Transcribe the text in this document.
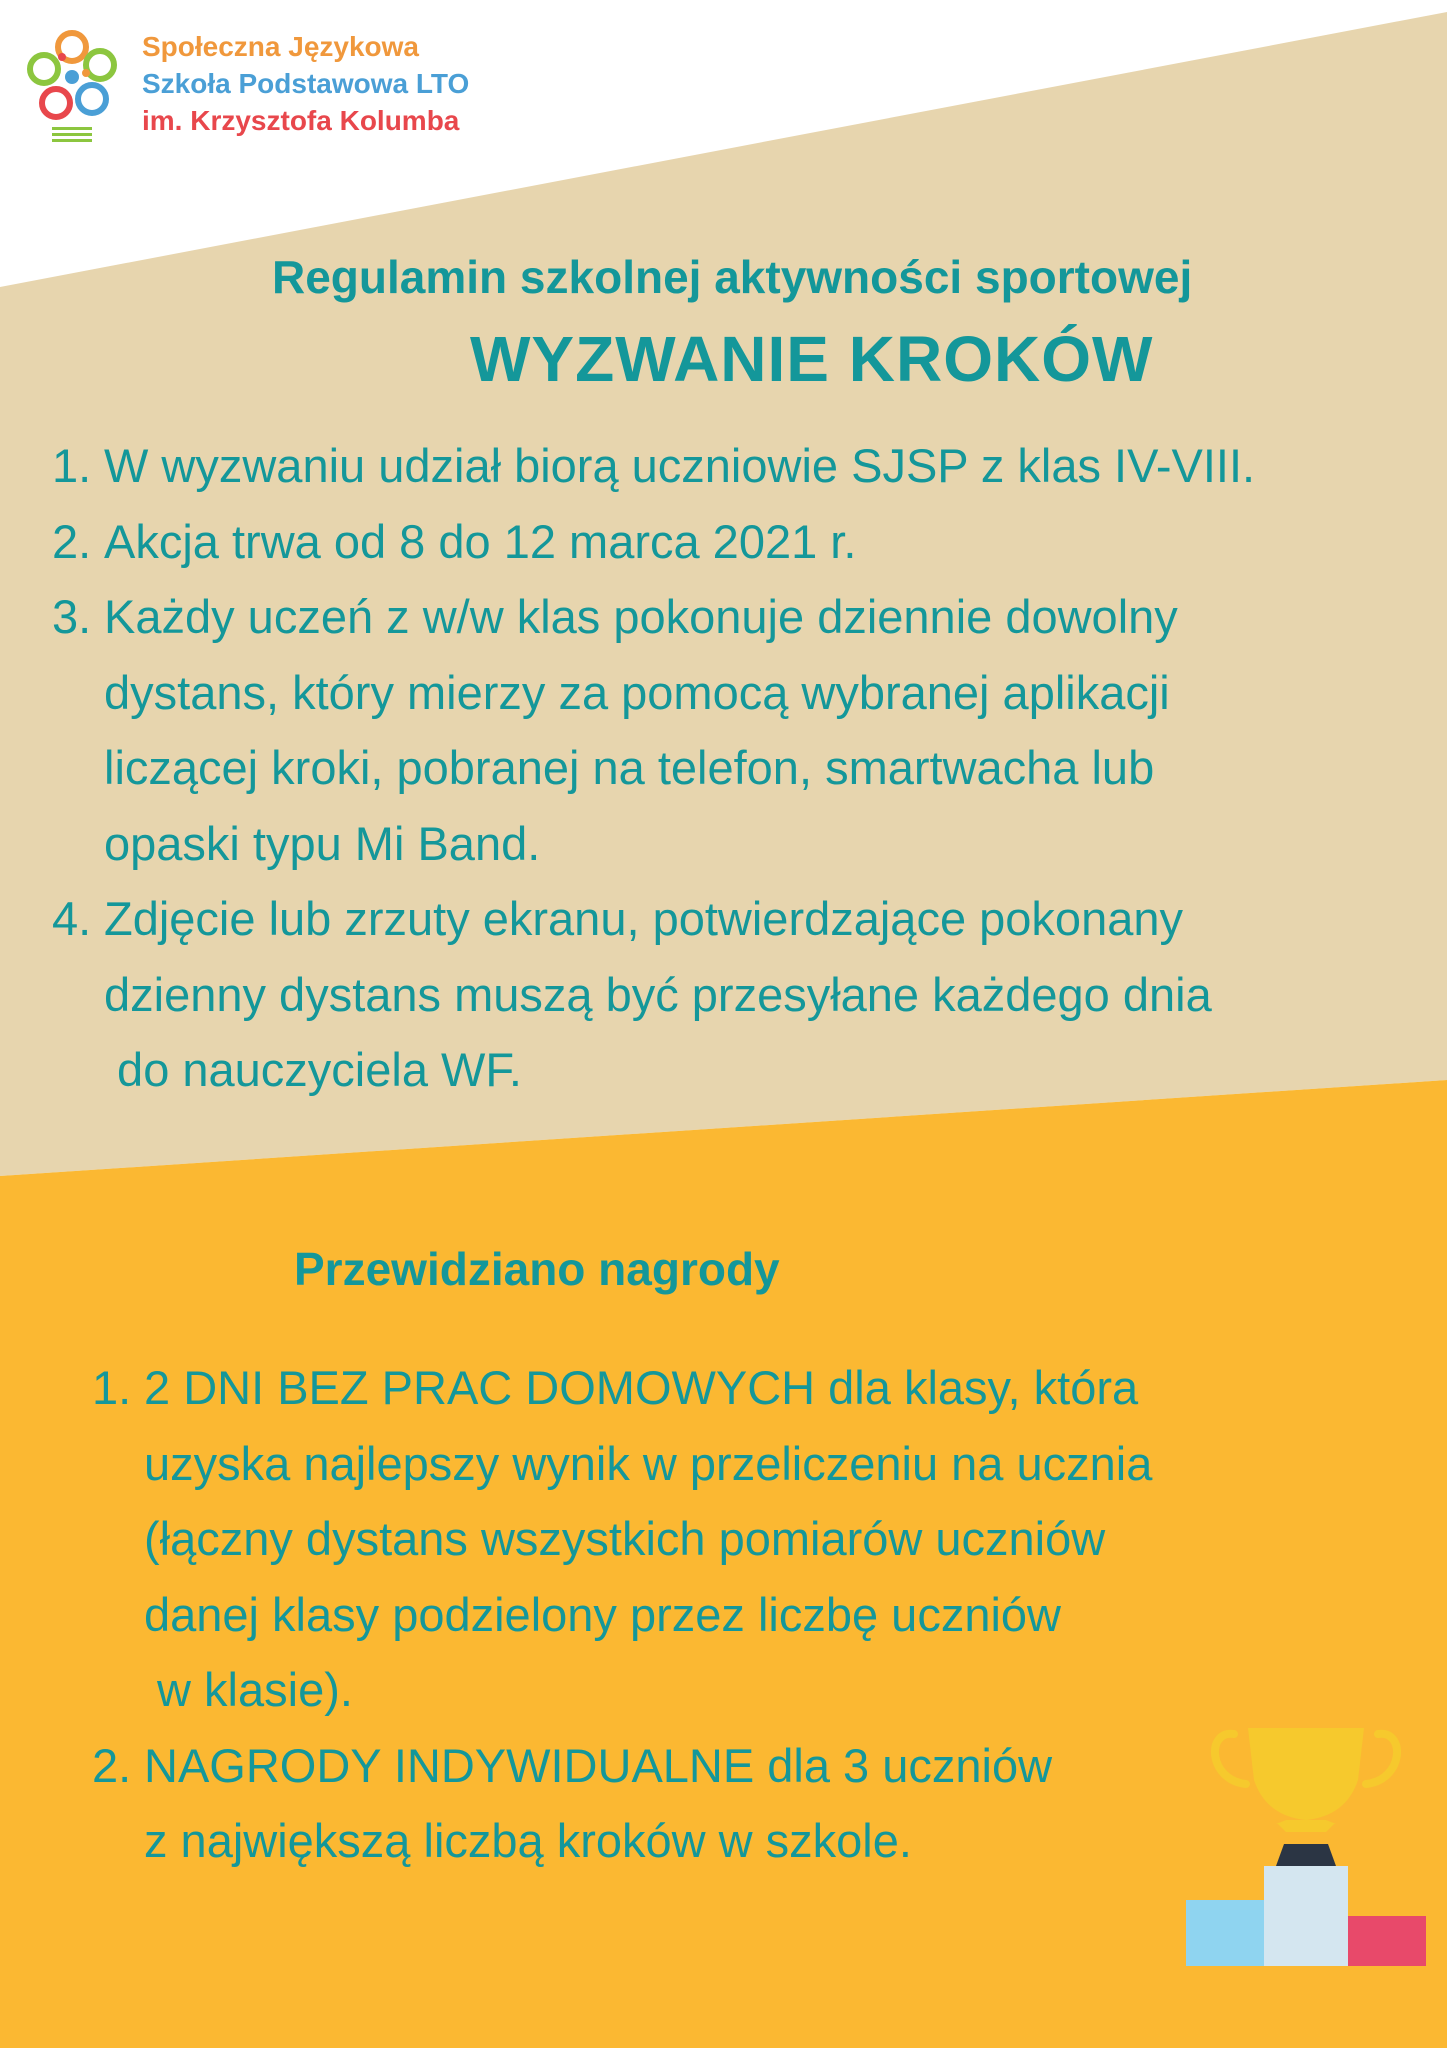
Społeczna Językowa
Szkoła Podstawowa LTO
im. Krzysztofa Kolumba
Regulamin szkolnej aktywności sportowej
WYZWANIE KROKÓW
1. W wyzwaniu udział biorą uczniowie SJSP z klas IV-VIII.
2. Akcja trwa od 8 do 12 marca 2021 r.
3. Każdy uczeń z w/w klas pokonuje dziennie dowolny
dystans, który mierzy za pomocą wybranej aplikacji
liczącej kroki, pobranej na telefon, smartwacha lub
opaski typu Mi Band.
4. Zdjęcie lub zrzuty ekranu, potwierdzające pokonany
dzienny dystans muszą być przesyłane każdego dnia
do nauczyciela WF.
Przewidziano nagrody
1. 2 DNI BEZ PRAC DOMOWYCH dla klasy, która
uzyska najlepszy wynik w przeliczeniu na ucznia
(łączny dystans wszystkich pomiarów uczniów
danej klasy podzielony przez liczbę uczniów
w klasie).
2. NAGRODY INDYWIDUALNE dla 3 uczniów
z największą liczbą kroków w szkole.
